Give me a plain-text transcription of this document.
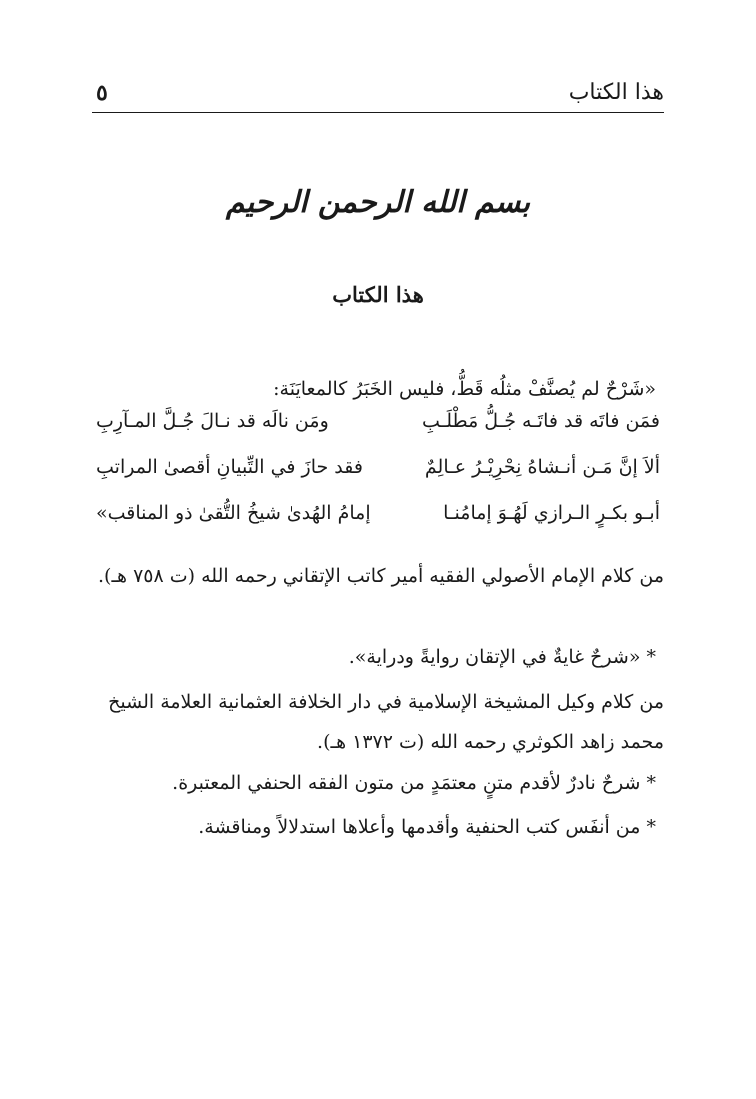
هذا الكتاب
٥
بسم الله الرحمن الرحيم
هذا الكتاب
«شَرْحٌ لم يُصنَّفْ مثلُه قَطُّ، فليس الخَبَرُ كالمعايَنَة:
فمَن فاتَه قد فاتَـه جُـلُّ مَطْلَـبِ
ومَن نالَه قد نـالَ جُـلَّ المـآرِبِ
ألاَ إنَّ مَـن أنـشاهُ نِحْرِيْـرُ عـالِمٌ
فقد حازَ في التِّبيانِ أقصىٰ المراتبِ
أبـو بكـرٍ الـرازي لَهُـوَ إمامُنـا
إمامُ الهُدىٰ شيخُ التُّقىٰ ذو المناقب»
من كلام الإمام الأصولي الفقيه أمير كاتب الإتقاني رحمه الله (ت ٧٥٨ هـ).
* «شرحٌ غايةٌ في الإتقان روايةً ودراية».
من كلام وكيل المشيخة الإسلامية في دار الخلافة العثمانية العلامة الشيخ محمد زاهد الكوثري رحمه الله (ت ١٣٧٢ هـ).
* شرحٌ نادرٌ لأقدم متنٍ معتمَدٍ من متون الفقه الحنفي المعتبرة.
* من أنفَس كتب الحنفية وأقدمها وأعلاها استدلالاً ومناقشة.
